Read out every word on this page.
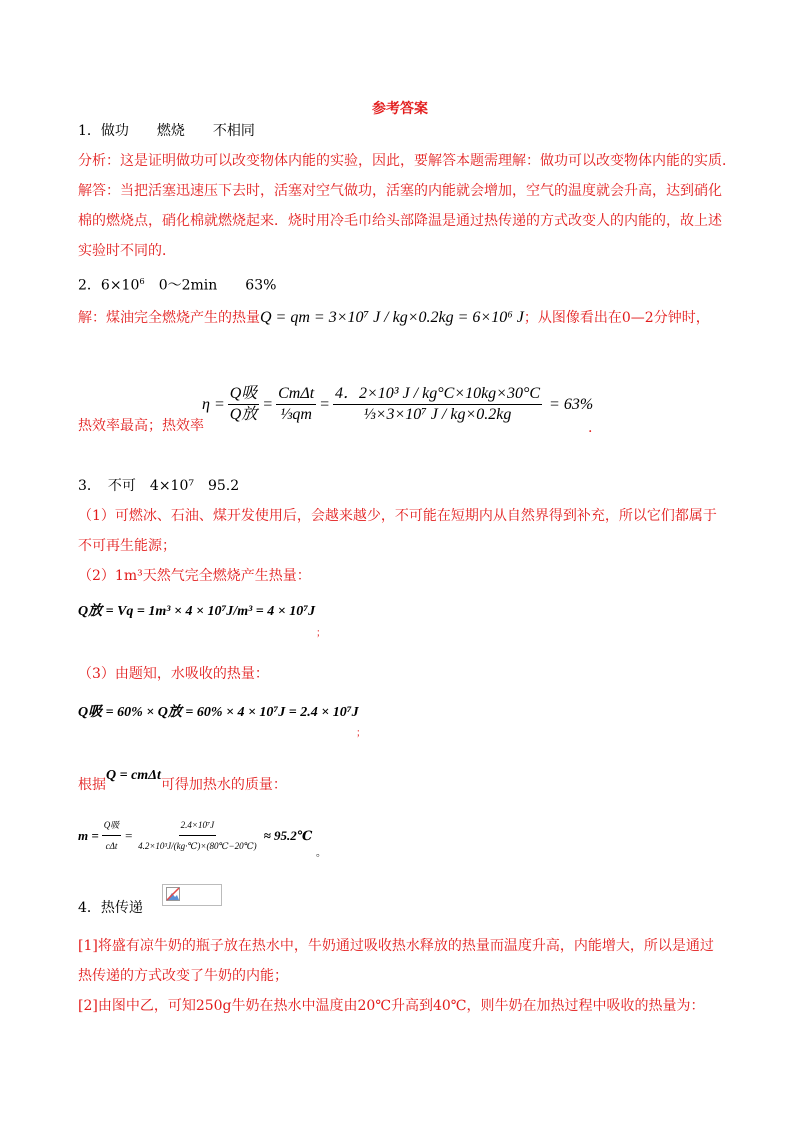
参考答案
1．做功　　燃烧　　不相同
分析：这是证明做功可以改变物体内能的实验，因此，要解答本题需理解：做功可以改变物体内能的实质．
解答：当把活塞迅速压下去时，活塞对空气做功，活塞的内能就会增加，空气的温度就会升高，达到硝化
棉的燃烧点，硝化棉就燃烧起来．烧时用冷毛巾给头部降温是通过热传递的方式改变人的内能的，故上述
实验时不同的．
2．$6\times 10^6$　0～2min　　63%
解：煤油完全燃烧产生的热量Q = qm = 3×10⁷ J / kg×0.2kg = 6×10⁶ J；从图像看出在0—2分钟时，
热效率最高；热效率
$\eta = \frac{\text{Q吸}}{\text{Q放}} = \frac{\text{CmΔt}}{\text{⅓qm}} = \frac{\text{4．2×10³ J / kg°C×10kg×30°C}}{\text{⅓×3×10⁷ J / kg×0.2kg}} = 63\%$
.
3．　不可　4×10⁷　95.2
（1）可燃冰、石油、煤开发使用后，会越来越少，不可能在短期内从自然界得到补充，所以它们都属于
不可再生能源；
（2）1m³天然气完全燃烧产生热量：
Q放 = Vq = 1m³ × 4 × 10⁷J/m³ = 4 × 10⁷J
；
（3）由题知，水吸收的热量：
Q吸 = 60% × Q放 = 60% × 4 × 10⁷J = 2.4 × 10⁷J
；
根据Q = cmΔt可得加热水的质量：
$m = \frac{\text{Q吸}}{\text{cΔt}} = \frac{\text{2.4×10⁷J}}{\text{4.2×10³J/(kg·℃)×(80℃−20℃)}}$ ≈ 95.2℃
。
4．热传递
[1]将盛有凉牛奶的瓶子放在热水中，牛奶通过吸收热水释放的热量而温度升高，内能增大，所以是通过
热传递的方式改变了牛奶的内能；
[2]由图中乙，可知250g牛奶在热水中温度由20℃升高到40℃，则牛奶在加热过程中吸收的热量为：
